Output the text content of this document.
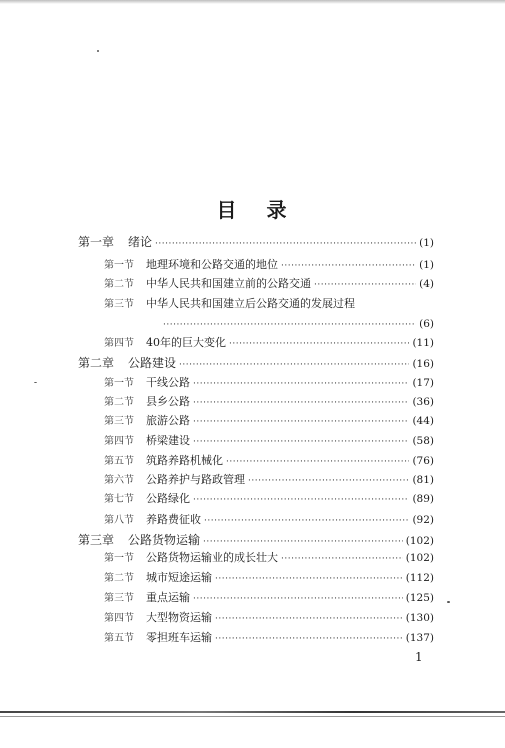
目 录
第一章 绪论 ·····	(1)
第一节 地理环境和公路交通的地位 ·····	(1)
第二节 中华人民共和国建立前的公路交通 ·····	(4)
第三节 中华人民共和国建立后公路交通的发展过程
·····
(6)
第四节 40年的巨大变化 ·····	(11)
第二章 公路建设 ·····	(16)
第一节 干线公路 ·····	(17)
第二节 县乡公路 ·····	(36)
第三节 旅游公路 ·····	(44)
第四节 桥梁建设 ·····	(58)
第五节 筑路养路机械化 ·····	(76)
第六节 公路养护与路政管理 ·····	(81)
第七节 公路绿化 ·····	(89)
第八节 养路费征收 ·····	(92)
第三章 公路货物运输 ·····	(102)
第一节 公路货物运输业的成长壮大 ·····	(102)
第二节 城市短途运输 ·····	(112)
第三节 重点运输 ·····	(125)
第四节 大型物资运输 ·····	(130)
第五节 零担班车运输 ·····	(137)
1
